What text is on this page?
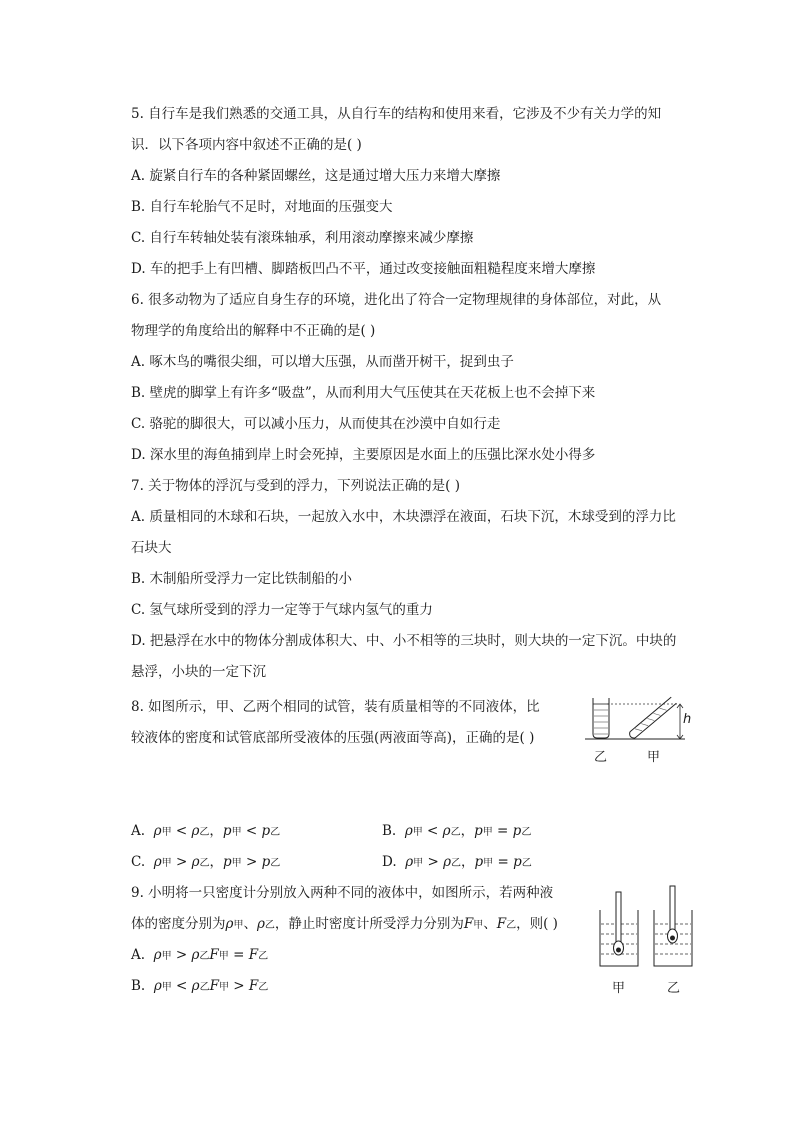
5. 自行车是我们熟悉的交通工具，从自行车的结构和使用来看，它涉及不少有关力学的知
识．以下各项内容中叙述不正确的是( )
A. 旋紧自行车的各种紧固螺丝，这是通过增大压力来增大摩擦
B. 自行车轮胎气不足时，对地面的压强变大
C. 自行车转轴处装有滚珠轴承，利用滚动摩擦来减少摩擦
D. 车的把手上有凹槽、脚踏板凹凸不平，通过改变接触面粗糙程度来增大摩擦
6. 很多动物为了适应自身生存的环境，进化出了符合一定物理规律的身体部位，对此，从
物理学的角度给出的解释中不正确的是( )
A. 啄木鸟的嘴很尖细，可以增大压强，从而凿开树干，捉到虫子
B. 壁虎的脚掌上有许多“吸盘”，从而利用大气压使其在天花板上也不会掉下来
C. 骆驼的脚很大，可以减小压力，从而使其在沙漠中自如行走
D. 深水里的海鱼捕到岸上时会死掉，主要原因是水面上的压强比深水处小得多
7. 关于物体的浮沉与受到的浮力，下列说法正确的是( )
A. 质量相同的木球和石块，一起放入水中，木块漂浮在液面，石块下沉，木球受到的浮力比
石块大
B. 木制船所受浮力一定比铁制船的小
C. 氢气球所受到的浮力一定等于气球内氢气的重力
D. 把悬浮在水中的物体分割成体积大、中、小不相等的三块时，则大块的一定下沉。中块的
悬浮，小块的一定下沉
8. 如图所示，甲、乙两个相同的试管，装有质量相等的不同液体，比
较液体的密度和试管底部所受液体的压强(两液面等高)，正确的是( )
h
乙	甲
A. ρ甲 < ρ乙，p甲 < p乙	B. ρ甲 < ρ乙，p甲 = p乙
C. ρ甲 > ρ乙，p甲 > p乙	D. ρ甲 > ρ乙，p甲 = p乙
9. 小明将一只密度计分别放入两种不同的液体中，如图所示，若两种液
体的密度分别为ρ甲、ρ乙，静止时密度计所受浮力分别为F甲、F乙，则( )
A. ρ甲 > ρ乙F甲 = F乙
B. ρ甲 < ρ乙F甲 > F乙	甲	乙
